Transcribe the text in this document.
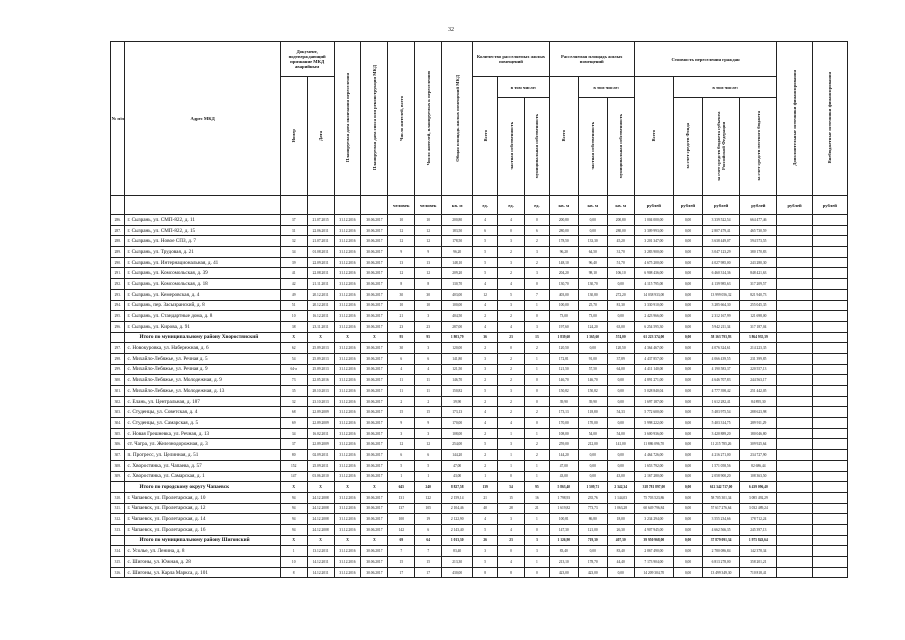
32
№ п/п	Адрес МКД	Документ, подтверждающий признание МКД аварийным		Планируемая дата окончания переселения	Планируемая дата сноса или реконструкции МКД	Число жителей, всего	Число жителей, планируемых к переселению	Общая площадь жилых помещений МКД	Количество расселяемых жилых помещений			Расселяемая площадь жилых помещений			Стоимость переселения граждан				Дополнительные источники финансирования	Внебюджетные источники финансирования
		Номер	Дата						Всего	в том числе:		Всего	в том числе:		Всего	в том числе:				
										частная собственность	муниципальная собственность		частная собственность	муниципальная собственность		за счет средств Фонда	за счет средств бюджета субъекта Российской Федерации	за счет средств местного бюджета		
						человек	человек	кв. м	ед.	ед.	ед.	кв. м	кв. м	кв. м	рублей	рублей	рублей	рублей	рублей	рублей
286.	г. Сызрань, ул. СМП-822, д. 11	37	21.07.2015	31.12.2016	30.06.2017	10	10	200,80	4	4	0	200,80	0,00	200,80	1 004 000,00	0,00	3 339 522,54	664 477,46		
287.	г. Сызрань, ул. СМП-822, д. 15	31	22.06.2011	31.12.2016	30.06.2017	12	12	183,50	6	0	6	280,00	0,00	280,00	3 309 993,00	0,00	2 807 479,41	465 730,59		
288.	г. Сызрань, ул. Новое СПЗ, д. 7	32	21.07.2011	31.12.2016	30.06.2017	12	12	178,50	5	3	2	178,50	133,30	45,20	3 201 347,00	0,00	3 638 449,07	594 573,55		
289.	г. Сызрань, ул. Трудовая, д. 21	34	01.08.2011	31.12.2016	30.06.2017	9	9	96,20	5	2	3	96,20	64,50	31,70	3 283 900,00	0,00	3 047 123,29	380 170,83		
290.	г. Сызрань, ул. Интернациональная, д. 41	39	22.09.2011	31.12.2016	30.06.2017	13	13	148,10	5	3	2	148,10	96,40	51,70	4 675 200,00	0,00	4 027 985,00	243 280,30		
291.	г. Сызрань, ул. Комсомольская, д. 39	41	22.08.2011	31.12.2016	30.06.2017	12	12	209,20	5	2	3	204,20	98,10	106,10	6 908 436,00	0,00	6 460 314,36	848 421,63		
292.	г. Сызрань, ул. Комсомольская, д. 18	42	21.11.2011	31.12.2016	30.06.2017	8	8	130,70	4	4	0	130,70	130,70	0,00	4 115 795,00	0,00	4 139 985,63	317 209,57		
293.	г. Сызрань, ул. Кемеровская, д. 4	49	20.12.2011	31.12.2016	30.06.2017	30	30	403,00	12	5	7	403,00	130,80	272,20	14 038 933,00	0,00	13 999 056,32	821 940,73		
294.	г. Сызрань, пер. Засызранский, д. 8	51	20.12.2011	31.12.2016	30.06.2017	10	10	100,00	4	3	1	100,00	25,70	81,30	3 330 910,00	0,00	3 285 664,30	255 045,35		
295.	г. Сызрань, ул. Стандартные дома, д. 8	10	16.12.2011	31.12.2016	30.06.2017	21	3	404,50	2	2	0	73,00	73,00	0,00	2 423 966,00	0,00	2 312 167,99	121 698,00		
296.	г. Сызрань, ул. Кирова, д. 91	38	23.11.2011	31.12.2016	30.06.2017	23	23	287,00	4	4	3	197,60	124,20	63,00	6 254 595,30	0,00	5 942 211,34	317 187,04		
	Итого по муниципальному району Хворостянский	X	X	X	X	95	95	1 803,79	36	23	13	1 839,60	1 365,60	574,00	61 223 374,00	0,00	58 163 793,93	3 864 935,39		
297.	с. Новокуровка, ул. Набережная, д. 6	62	25.09.2013	31.12.2016	30.06.2017	30	3	120,00	2	0	2	120,50	0,00	120,50	4 364 467,00	0,00	4 076 324,61	214 223,35		
298.	с. Михайло-Лебяжье, ул. Речная д. 5	54	25.09.2013	31.12.2016	30.06.2017	6	6	141,80	3	2	1	172,81	91,00	37,89	4 437 857,00	0,00	4 066 439,55	231 399,85		
299.	с. Михайло-Лебяжье, ул. Речная д. 9	64-а	25.09.2013	31.12.2016	30.06.2017	4	4	121,50	3	2	1	121,50	57,50	64,00	4 411 140,00	0,00	4 190 583,37	220 557,13		
300.	с. Михайло-Лебяжье, ул. Молодежная, д. 9	73	22.05.2016	31.12.2016	30.06.2017	11	11	146,70	2	2	0	146,70	146,70	0,00	4 891 271,00	0,00	4 646 707,83	244 563,17		
301.	с. Михайло-Лебяжье, ул. Молодежная, д. 13	35	28.10.2013	31.12.2016	30.06.2017	11	11	150,82	5	3	0	150,82	150,82	0,00	5 028 840,04	0,00	4 777 398,42	251 442,05		
302.	с. Елань, ул. Центральная, д. 187	32	23.10.2013	31.12.2016	30.06.2017	2	2	39,90	2	2	0	39,90	39,90	0,00	1 697 187,00	0,00	1 612 282,41	84 895,30		
303.	с. Студенцы, ул. Советская, д. 4	68	22.09.2009	31.12.2016	30.06.2017	15	15	173,13	4	2	2	173,13	118,80	54,33	5 772 600,00	0,00	5 483 975,54	288 623,98		
304.	с. Студенцы, ул. Самарская, д. 5	69	22.09.2009	31.12.2016	30.06.2017	9	9	170,00	4	4	0	170,00	170,00	0,00	5 998 222,00	0,00	5 403 314,75	289 911,29		
305.	с. Новая Грешневка, ул. Речная, д. 13	34	16.02.2011	31.12.2016	30.06.2017	3	3	108,00	2	1	1	108,00	54,00	54,00	3 600 936,00	0,00	3 420 889,20	180 046,80		
306.	ст. Чагра, ул. Железнодорожная, д. 3	37	22.09.2009	31.12.2016	30.06.2017	12	12	254,00	5	3	2	259,00	212,00	141,00	11 886 096,70	0,00	11 215 785,26	309 925,64		
307.	п. Прогресс, ул. Целинная, д. 51	80	02.09.2011	31.12.2016	30.06.2017	6	6	144,20	2	1	2	144,20	0,00	0,00	4 464 726,00	0,00	4 216 271,00	234 727,90		
308.	с. Хворостянка, ул. Чапаева, д. 57	152	25.09.2011	31.12.2016	30.06.2017	5	5	47,00	2	1	1	47,00	0,00	0,00	1 653 792,00	0,00	1 571 058,56	82 686,44		
309.	с. Хворостянка, ул. Самарская, д. 1	147	03.06.2010	31.12.2016	30.06.2017	1	1	43,00	1	0	1	43,00	0,00	43,00	2 167 280,00	0,00	2 058 900,20	108 363,50		
	Итого по городскому округу Чапаевск	X	X	X	X	645	240	8 827,58	139	54	95	5 863,40	1 509,71	2 342,34	318 781 897,00	0,00	612 342 717,00	6 439 096,40		
310.	г. Чапаевск, ул. Пролетарская, д. 10	94	24.12.2008	31.12.2016	30.06.2017	131	122	2 159,14	21	15	16	1 798,93	235,76	1 144,03	75 703 523,86	0,00	58 705 301,34	3 085 492,29		
311.	г. Чапаевск, ул. Пролетарская, д. 12	94	24.12.2008	31.12.2016	30.06.2017	137	105	2 104,46	40	28	21	1 619,82	773,73	1 063,28	60 649 796,84	0,00	57 617 276,64	3 032 489,24		
312.	г. Чапаевск, ул. Пролетарская, д. 14	94	24.12.2008	31.12.2016	30.06.2017	100	19	2 122,90	4	3	1	100,81	86,80	18,00	3 234 294,00	0,00	3 555 234,66	178 712,24		
313.	г. Чапаевск, ул. Пролетарская, д. 16	94	24.12.2008	31.12.2016	30.06.2017	142	6	2 143,40	5	4	0	147,30	121,00	26,30	4 907 945,00	0,00	4 662 566,35	245 397,13		
	Итого по муниципальному району Шигонский	X	X	X	X	69	64	1 013,30	26	23	3	1 126,90	719,30	407,30	39 950 968,00	0,00	37 879 091,34	1 975 843,64		
314.	с. Усолье, ул. Ленина, д. 8	1	13.12.2011	31.12.2016	30.06.2017	7	7	83,40	3	0	3	83,40	0,00	83,40	2 867 490,00	0,00	2 780 086,84	142 378,34		
315.	с. Шигоны, ул. Южная, д. 28	10	14.12.2011	31.12.2016	30.06.2017	15	15	213,30	5	4	1	213,10	178,70	44,40	7 173 904,00	0,00	6 813 278,00	358 201,21		
316.	с. Шигоны, ул. Карла Маркса, д. 101	8	14.12.2011	31.12.2016	30.06.2017	17	17	430,00	8	8	0	423,00	423,00	0,00	14 209 304,70	0,00	13 499 349,30	710 818,41		
